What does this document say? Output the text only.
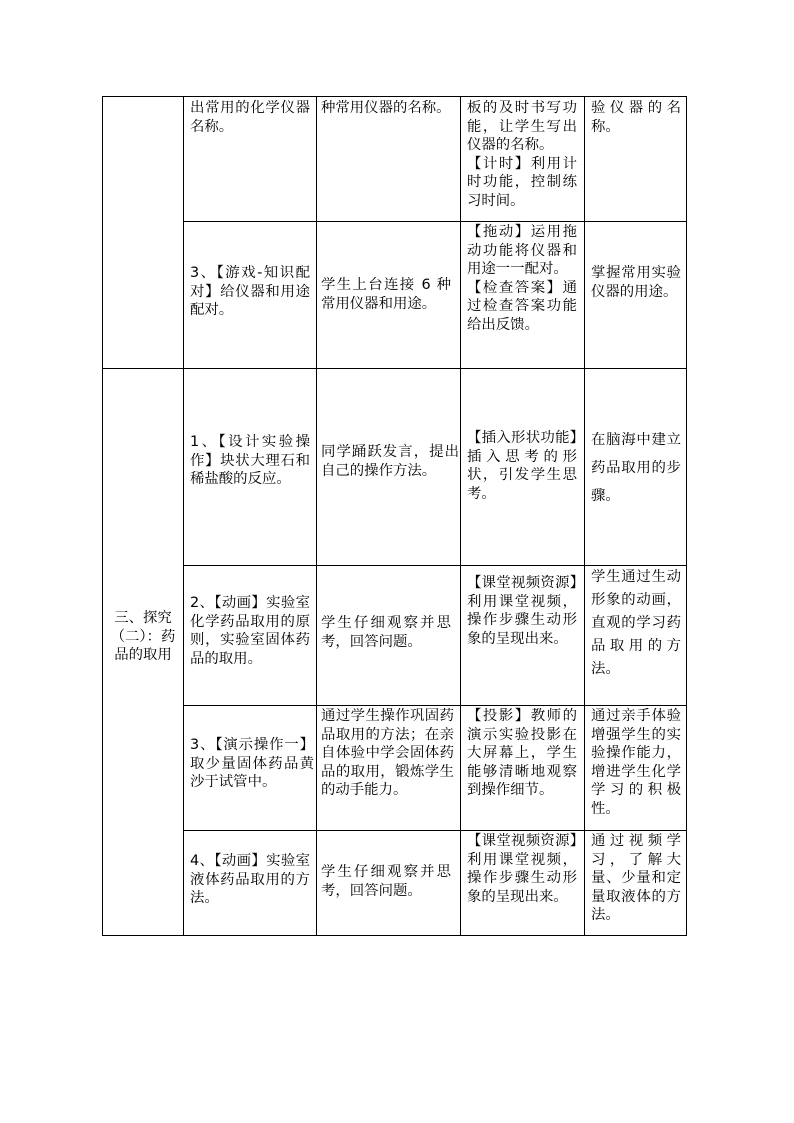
出常用的化学仪器名称。
种常用仪器的名称。	板的及时书写功能，让学生写出仪器的名称。
【计时】利用计时功能，控制练习时间。
验仪器的名称。
3、【游戏-知识配对】给仪器和用途配对。
学生上台连接 6 种常用仪器和用途。
【拖动】运用拖动功能将仪器和用途一一配对。
【检查答案】通过检查答案功能给出反馈。
掌握常用实验仪器的用途。
三、探究（二）：药品的取用
1、【设计实验操作】块状大理石和稀盐酸的反应。
同学踊跃发言，提出自己的操作方法。
【插入形状功能】插入思考的形状，引发学生思考。
在脑海中建立药品取用的步骤。
2、【动画】实验室化学药品取用的原则，实验室固体药品的取用。
学生仔细观察并思考，回答问题。
【课堂视频资源】利用课堂视频，操作步骤生动形象的呈现出来。
学生通过生动形象的动画，直观的学习药品取用的方法。
3、【演示操作一】取少量固体药品黄沙于试管中。
通过学生操作巩固药品取用的方法；在亲自体验中学会固体药品的取用，锻炼学生的动手能力。
【投影】教师的演示实验投影在大屏幕上，学生能够清晰地观察到操作细节。
通过亲手体验增强学生的实验操作能力，增进学生化学学习的积极性。
4、【动画】实验室液体药品取用的方法。
学生仔细观察并思考，回答问题。
【课堂视频资源】利用课堂视频，操作步骤生动形象的呈现出来。
通过视频学习，了解大量、少量和定量取液体的方法。
